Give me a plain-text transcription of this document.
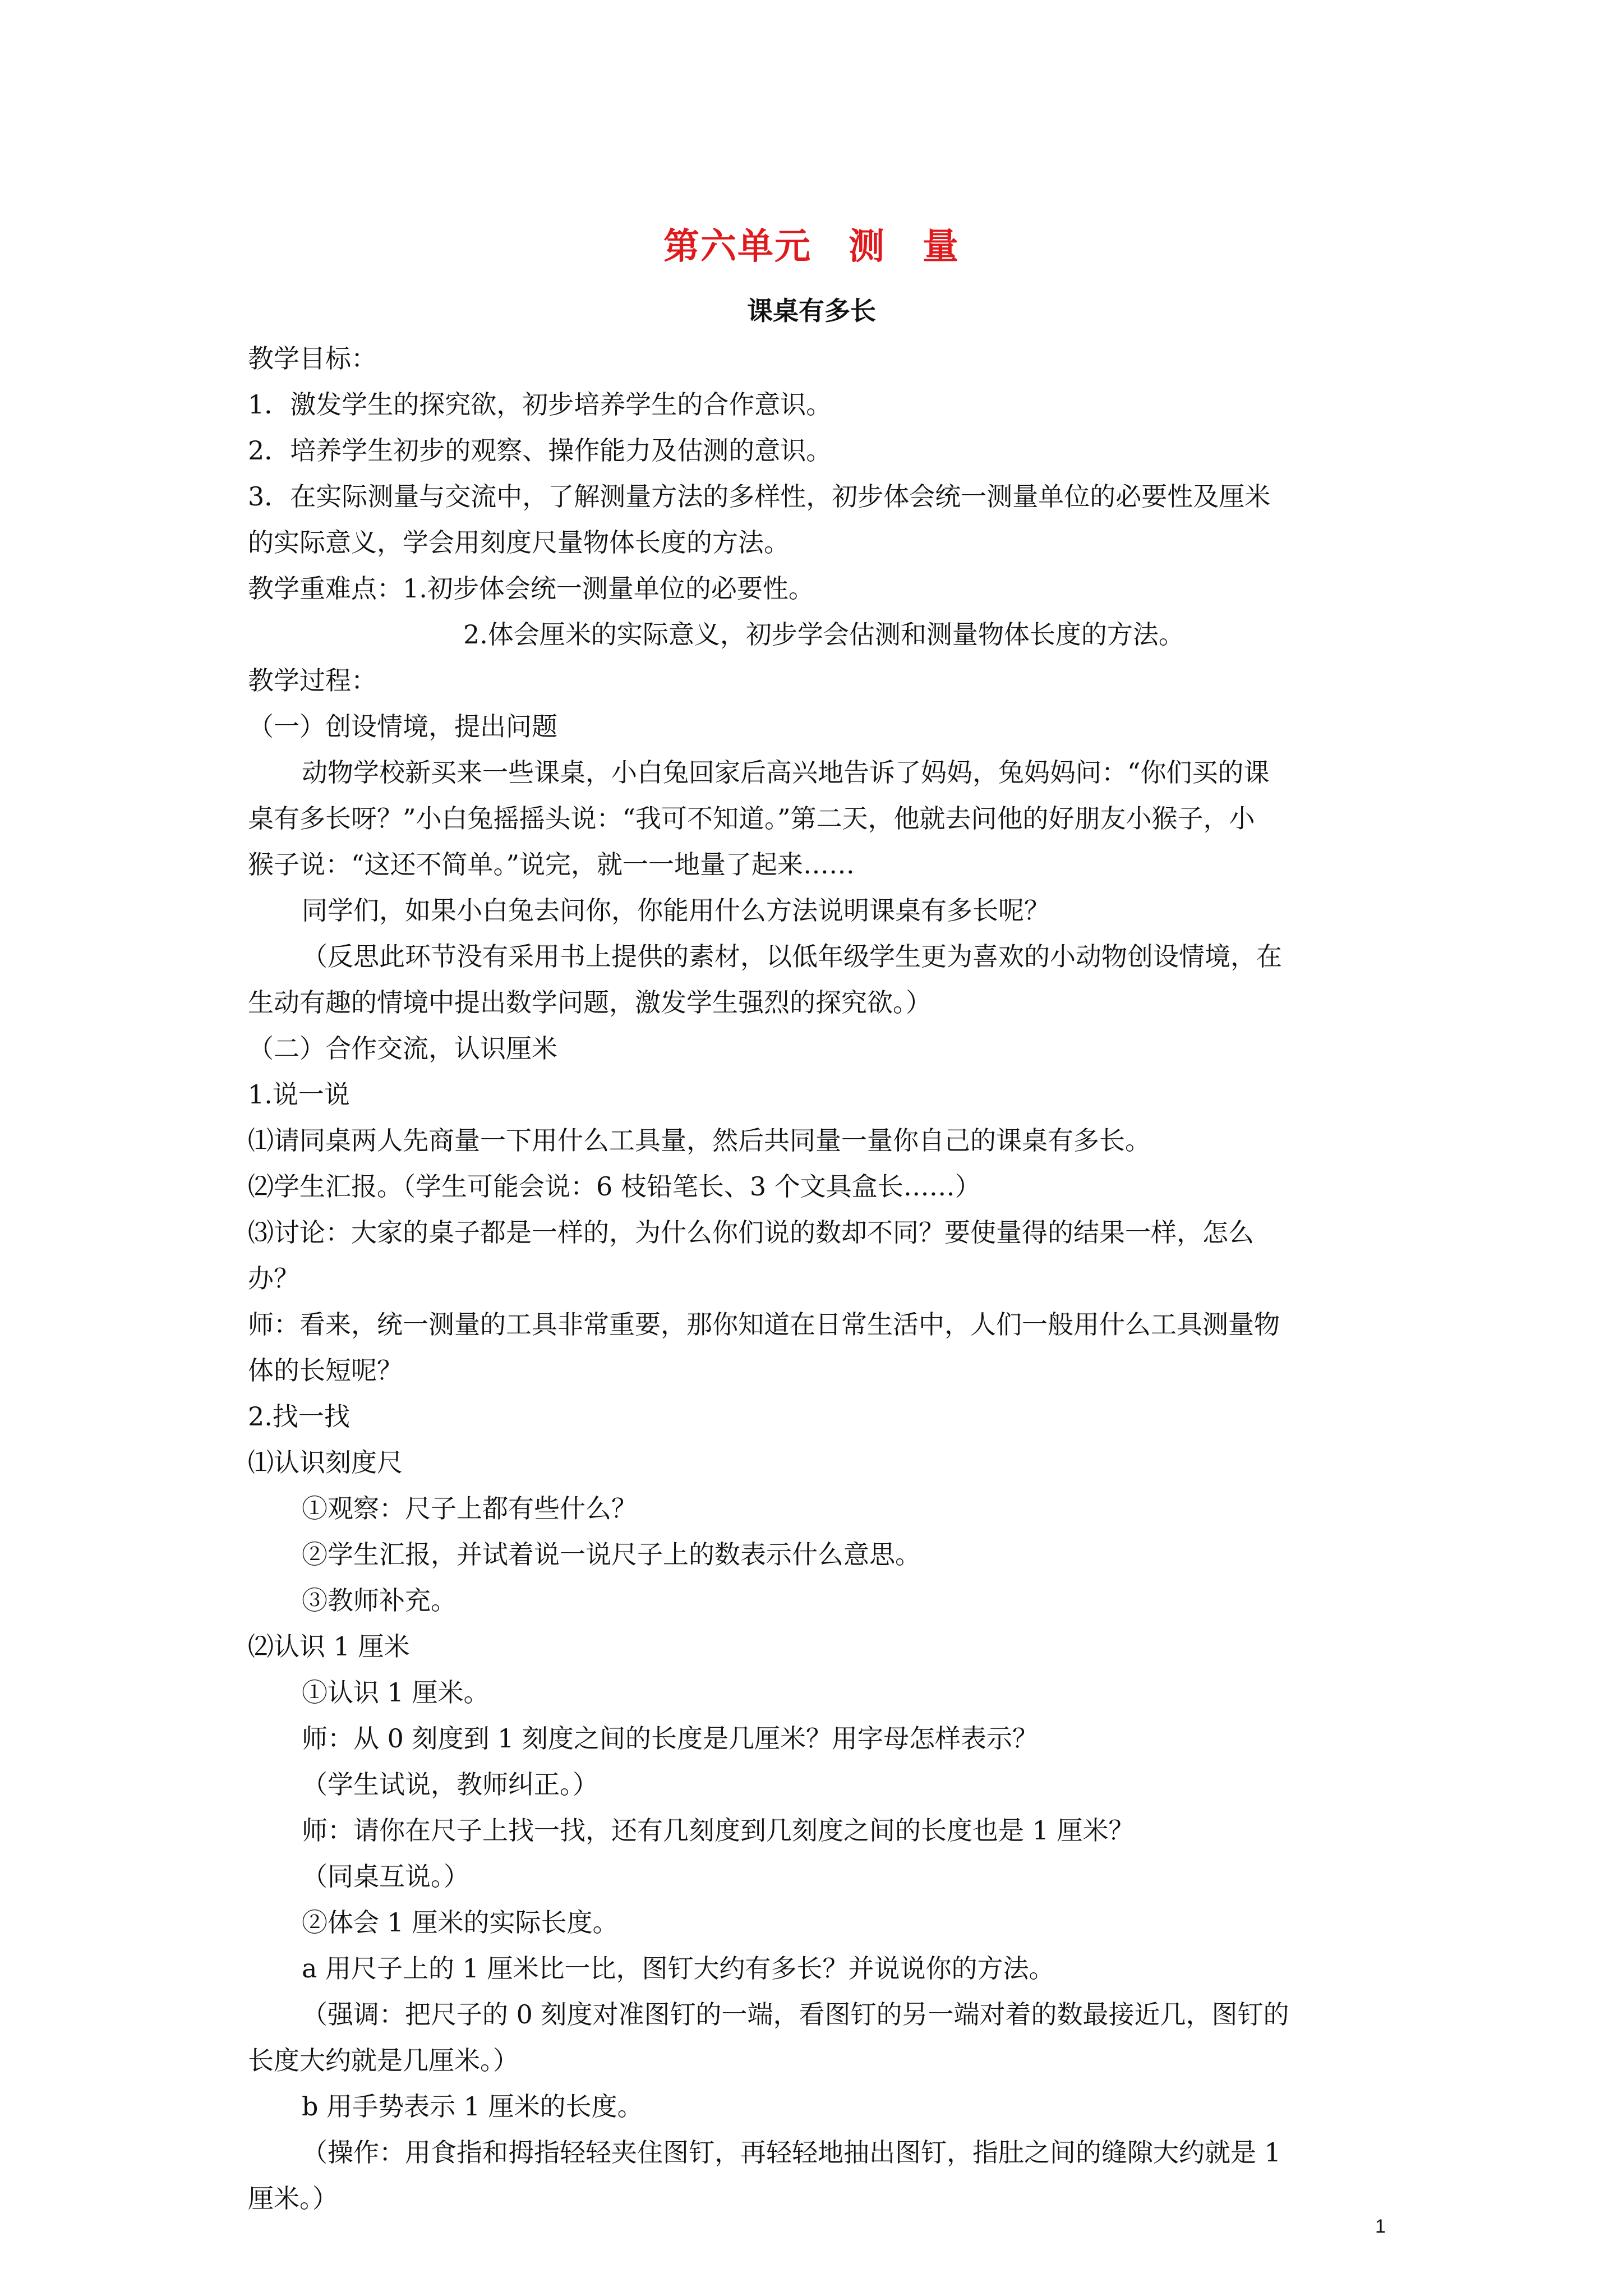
第六单元　测　量
课桌有多长
教学目标：
1．激发学生的探究欲，初步培养学生的合作意识。
2．培养学生初步的观察、操作能力及估测的意识。
3．在实际测量与交流中，了解测量方法的多样性，初步体会统一测量单位的必要性及厘米
的实际意义，学会用刻度尺量物体长度的方法。
教学重难点：1.初步体会统一测量单位的必要性。
2.体会厘米的实际意义，初步学会估测和测量物体长度的方法。
教学过程：
（一）创设情境，提出问题
动物学校新买来一些课桌，小白兔回家后高兴地告诉了妈妈，兔妈妈问：“你们买的课
桌有多长呀？”小白兔摇摇头说：“我可不知道。”第二天，他就去问他的好朋友小猴子，小
猴子说：“这还不简单。”说完，就一一地量了起来……
同学们，如果小白兔去问你，你能用什么方法说明课桌有多长呢？
（反思此环节没有采用书上提供的素材，以低年级学生更为喜欢的小动物创设情境，在
生动有趣的情境中提出数学问题，激发学生强烈的探究欲。）
（二）合作交流，认识厘米
1.说一说
⑴请同桌两人先商量一下用什么工具量，然后共同量一量你自己的课桌有多长。
⑵学生汇报。（学生可能会说：6 枝铅笔长、3 个文具盒长……）
⑶讨论：大家的桌子都是一样的，为什么你们说的数却不同？要使量得的结果一样，怎么
办？
师：看来，统一测量的工具非常重要，那你知道在日常生活中，人们一般用什么工具测量物
体的长短呢？
2.找一找
⑴认识刻度尺
①观察：尺子上都有些什么？
②学生汇报，并试着说一说尺子上的数表示什么意思。
③教师补充。
⑵认识 1 厘米
①认识 1 厘米。
师：从 0 刻度到 1 刻度之间的长度是几厘米？用字母怎样表示？
（学生试说，教师纠正。）
师：请你在尺子上找一找，还有几刻度到几刻度之间的长度也是 1 厘米？
（同桌互说。）
②体会 1 厘米的实际长度。
a 用尺子上的 1 厘米比一比，图钉大约有多长？并说说你的方法。
（强调：把尺子的 0 刻度对准图钉的一端，看图钉的另一端对着的数最接近几，图钉的
长度大约就是几厘米。）
b 用手势表示 1 厘米的长度。
（操作：用食指和拇指轻轻夹住图钉，再轻轻地抽出图钉，指肚之间的缝隙大约就是 1
厘米。）
1
